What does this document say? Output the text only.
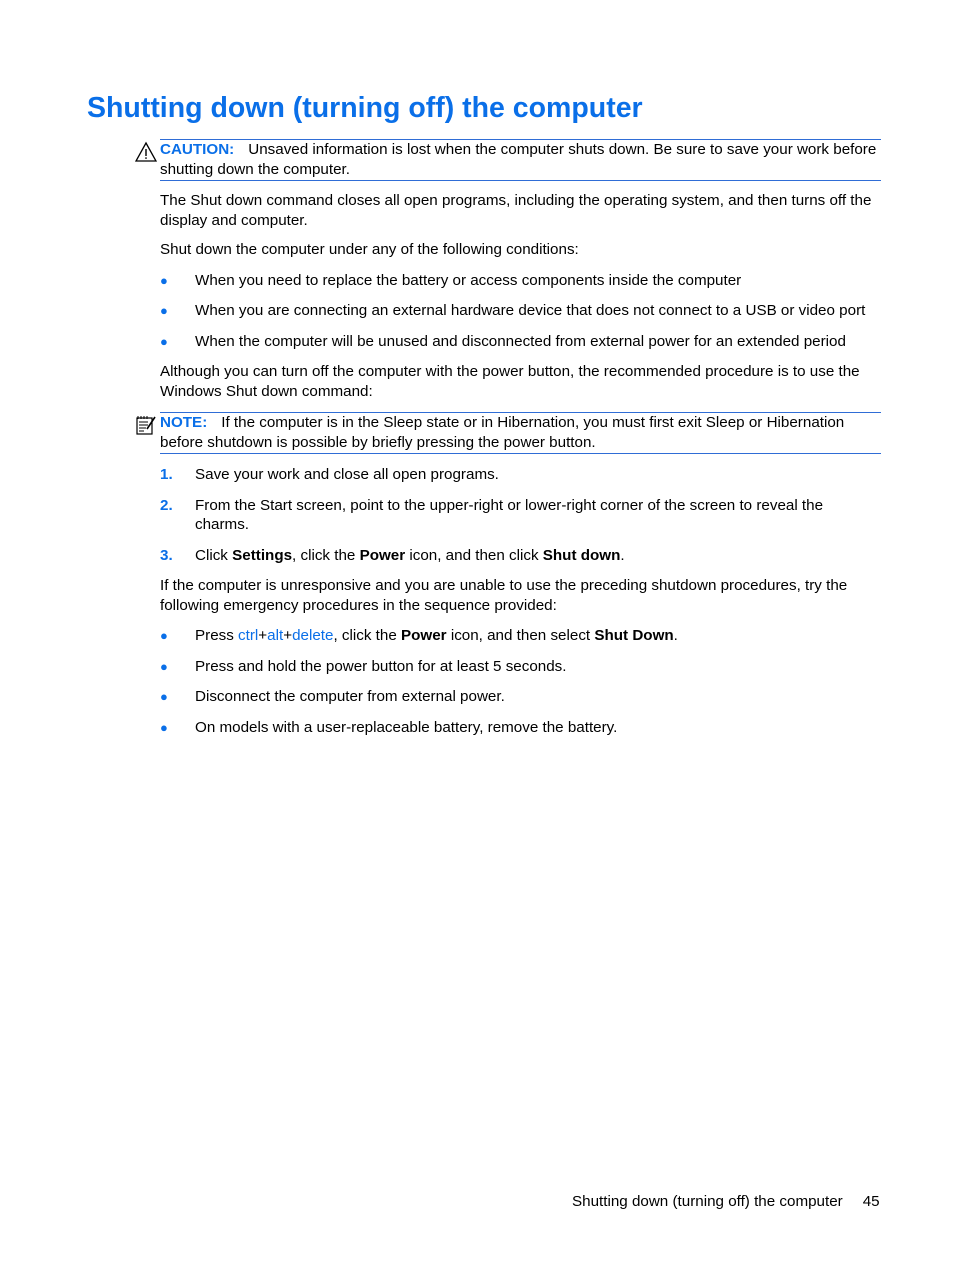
Shutting down (turning off) the computer
CAUTION: Unsaved information is lost when the computer shuts down. Be sure to save your work before shutting down the computer.

The Shut down command closes all open programs, including the operating system, and then turns off the display and computer.

Shut down the computer under any of the following conditions:

● When you need to replace the battery or access components inside the computer
● When you are connecting an external hardware device that does not connect to a USB or video port
● When the computer will be unused and disconnected from external power for an extended period

Although you can turn off the computer with the power button, the recommended procedure is to use the Windows Shut down command:

NOTE: If the computer is in the Sleep state or in Hibernation, you must first exit Sleep or Hibernation before shutdown is possible by briefly pressing the power button.
1.	Save your work and close all open programs.
2.	From the Start screen, point to the upper-right or lower-right corner of the screen to reveal the charms.
3.	Click Settings, click the Power icon, and then click Shut down.

If the computer is unresponsive and you are unable to use the preceding shutdown procedures, try the following emergency procedures in the sequence provided:

● Press ctrl+alt+delete, click the Power icon, and then select Shut Down.
● Press and hold the power button for at least 5 seconds.
● Disconnect the computer from external power.
● On models with a user-replaceable battery, remove the battery.
Shutting down (turning off) the computer 45
